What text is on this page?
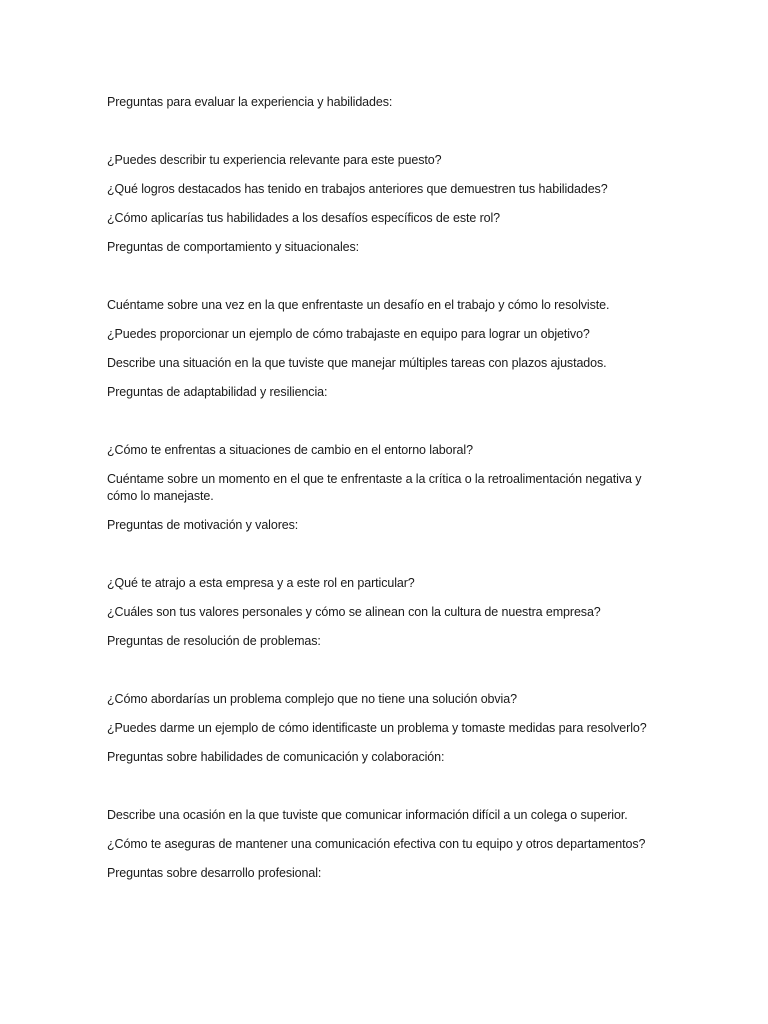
Preguntas para evaluar la experiencia y habilidades:

¿Puedes describir tu experiencia relevante para este puesto?

¿Qué logros destacados has tenido en trabajos anteriores que demuestren tus habilidades?

¿Cómo aplicarías tus habilidades a los desafíos específicos de este rol?

Preguntas de comportamiento y situacionales:

Cuéntame sobre una vez en la que enfrentaste un desafío en el trabajo y cómo lo resolviste.

¿Puedes proporcionar un ejemplo de cómo trabajaste en equipo para lograr un objetivo?

Describe una situación en la que tuviste que manejar múltiples tareas con plazos ajustados.

Preguntas de adaptabilidad y resiliencia:

¿Cómo te enfrentas a situaciones de cambio en el entorno laboral?

Cuéntame sobre un momento en el que te enfrentaste a la crítica o la retroalimentación negativa y cómo lo manejaste.

Preguntas de motivación y valores:

¿Qué te atrajo a esta empresa y a este rol en particular?

¿Cuáles son tus valores personales y cómo se alinean con la cultura de nuestra empresa?

Preguntas de resolución de problemas:

¿Cómo abordarías un problema complejo que no tiene una solución obvia?

¿Puedes darme un ejemplo de cómo identificaste un problema y tomaste medidas para resolverlo?

Preguntas sobre habilidades de comunicación y colaboración:

Describe una ocasión en la que tuviste que comunicar información difícil a un colega o superior.

¿Cómo te aseguras de mantener una comunicación efectiva con tu equipo y otros departamentos?

Preguntas sobre desarrollo profesional:
